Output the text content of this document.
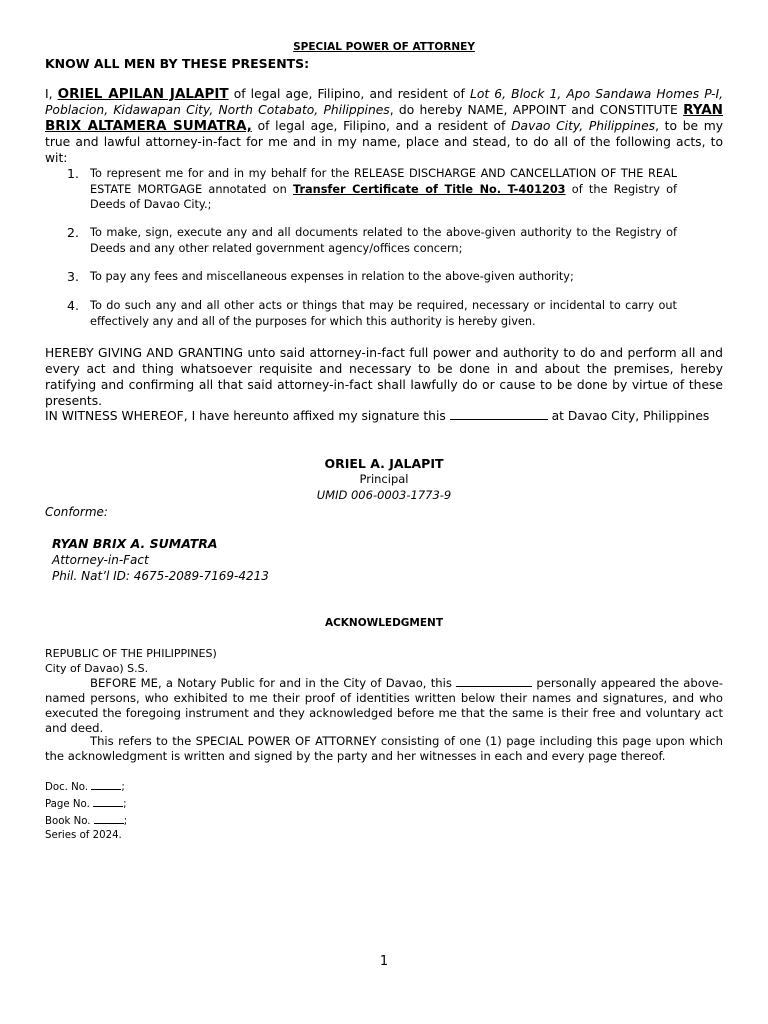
SPECIAL POWER OF ATTORNEY
KNOW ALL MEN BY THESE PRESENTS:
I, ORIEL APILAN JALAPIT of legal age, Filipino, and resident of Lot 6, Block 1, Apo Sandawa Homes P-I, Poblacion, Kidawapan City, North Cotabato, Philippines, do hereby NAME, APPOINT and CONSTITUTE RYAN BRIX ALTAMERA SUMATRA, of legal age, Filipino, and a resident of Davao City, Philippines, to be my true and lawful attorney-in-fact for me and in my name, place and stead, to do all of the following acts, to wit:
1. To represent me for and in my behalf for the RELEASE DISCHARGE AND CANCELLATION OF THE REAL ESTATE MORTGAGE annotated on Transfer Certificate of Title No. T-401203 of the Registry of Deeds of Davao City.;
2. To make, sign, execute any and all documents related to the above-given authority to the Registry of Deeds and any other related government agency/offices concern;
3. To pay any fees and miscellaneous expenses in relation to the above-given authority;
4. To do such any and all other acts or things that may be required, necessary or incidental to carry out effectively any and all of the purposes for which this authority is hereby given.
HEREBY GIVING AND GRANTING unto said attorney-in-fact full power and authority to do and perform all and every act and thing whatsoever requisite and necessary to be done in and about the premises, hereby ratifying and confirming all that said attorney-in-fact shall lawfully do or cause to be done by virtue of these presents.
IN WITNESS WHEREOF, I have hereunto affixed my signature this	at Davao City, Philippines
ORIEL A. JALAPIT
Principal
UMID 006-0003-1773-9
Conforme:
RYAN BRIX A. SUMATRA
Attorney-in-Fact
Phil. Nat’l ID: 4675-2089-7169-4213
ACKNOWLEDGMENT
REPUBLIC OF THE PHILIPPINES)
City of Davao) S.S.
BEFORE ME, a Notary Public for and in the City of Davao, this	personally appeared the above-named persons, who exhibited to me their proof of identities written below their names and signatures, and who executed the foregoing instrument and they acknowledged before me that the same is their free and voluntary act and deed.
This refers to the SPECIAL POWER OF ATTORNEY consisting of one (1) page including this page upon which the acknowledgment is written and signed by the party and her witnesses in each and every page thereof.
Doc. No.	;
Page No.	;
Book No.	;
Series of 2024.
1
